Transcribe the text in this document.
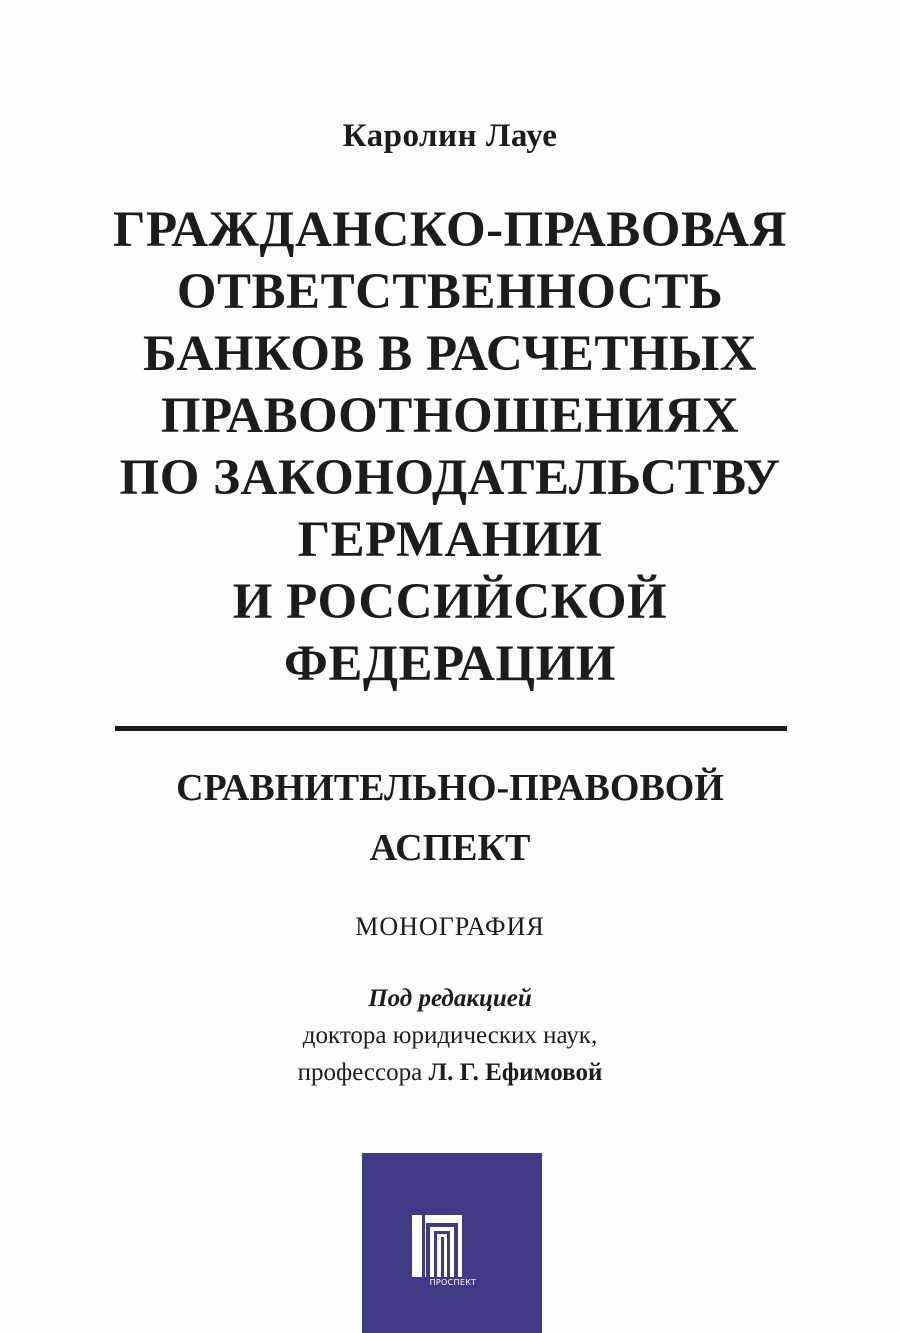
Каролин Лауе
ГРАЖДАНСКО-ПРАВОВАЯ
ОТВЕТСТВЕННОСТЬ
БАНКОВ В РАСЧЕТНЫХ
ПРАВООТНОШЕНИЯХ
ПО ЗАКОНОДАТЕЛЬСТВУ
ГЕРМАНИИ
И РОССИЙСКОЙ
ФЕДЕРАЦИИ
СРАВНИТЕЛЬНО-ПРАВОВОЙ
АСПЕКТ
МОНОГРАФИЯ
Под редакцией
доктора юридических наук,
профессора Л. Г. Ефимовой
ПРОСПЕКТ
